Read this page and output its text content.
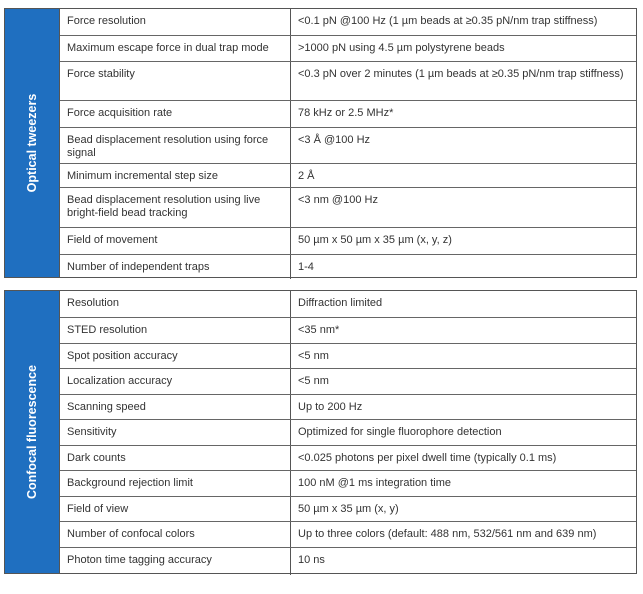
Optical tweezers
Force resolution	<0.1 pN @100 Hz (1 µm beads at ≥0.35 pN/nm trap stiffness)
Maximum escape force in dual trap mode	>1000 pN using 4.5 µm polystyrene beads
Force stability	<0.3 pN over 2 minutes (1 µm beads at ≥0.35 pN/nm trap stiffness)
Force acquisition rate	78 kHz or 2.5 MHz*
Bead displacement resolution using force signal	<3 Å @100 Hz
Minimum incremental step size	2 Å
Bead displacement resolution using live bright-field bead tracking	<3 nm @100 Hz
Field of movement	50 µm x 50 µm x 35 µm (x, y, z)
Number of independent traps	1-4
Confocal fluorescence
Resolution	Diffraction limited
STED resolution	<35 nm*
Spot position accuracy	<5 nm
Localization accuracy	<5 nm
Scanning speed	Up to 200 Hz
Sensitivity	Optimized for single fluorophore detection
Dark counts	<0.025 photons per pixel dwell time (typically 0.1 ms)
Background rejection limit	100 nM @1 ms integration time
Field of view	50 µm x 35 µm (x, y)
Number of confocal colors	Up to three colors (default: 488 nm, 532/561 nm and 639 nm)
Photon time tagging accuracy	10 ns
